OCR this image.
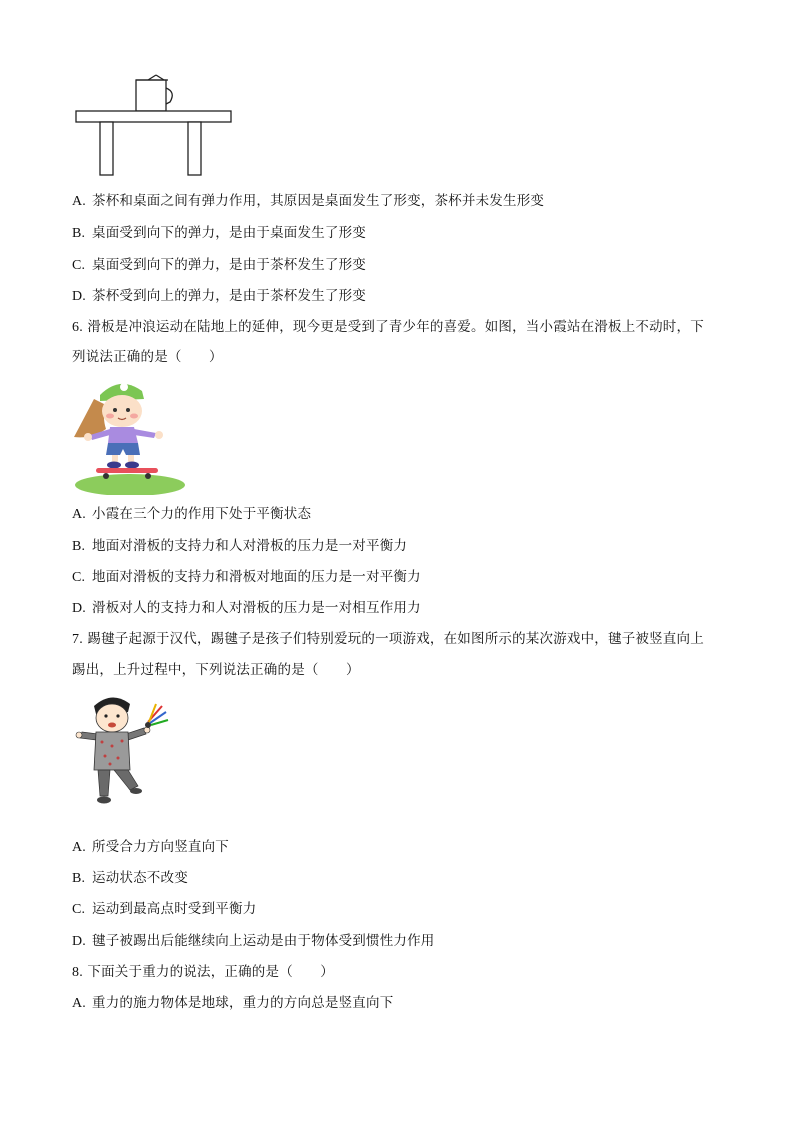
A. 茶杯和桌面之间有弹力作用，其原因是桌面发生了形变，茶杯并未发生形变
B. 桌面受到向下的弹力，是由于桌面发生了形变
C. 桌面受到向下的弹力，是由于茶杯发生了形变
D. 茶杯受到向上的弹力，是由于茶杯发生了形变
6. 滑板是冲浪运动在陆地上的延伸，现今更是受到了青少年的喜爱。如图，当小霞站在滑板上不动时，下
列说法正确的是（　　）
A. 小霞在三个力的作用下处于平衡状态
B. 地面对滑板的支持力和人对滑板的压力是一对平衡力
C. 地面对滑板的支持力和滑板对地面的压力是一对平衡力
D. 滑板对人的支持力和人对滑板的压力是一对相互作用力
7. 踢毽子起源于汉代，踢毽子是孩子们特别爱玩的一项游戏，在如图所示的某次游戏中，毽子被竖直向上
踢出，上升过程中，下列说法正确的是（　　）
A. 所受合力方向竖直向下
B. 运动状态不改变
C. 运动到最高点时受到平衡力
D. 毽子被踢出后能继续向上运动是由于物体受到惯性力作用
8. 下面关于重力的说法，正确的是（　　）
A. 重力的施力物体是地球，重力的方向总是竖直向下
